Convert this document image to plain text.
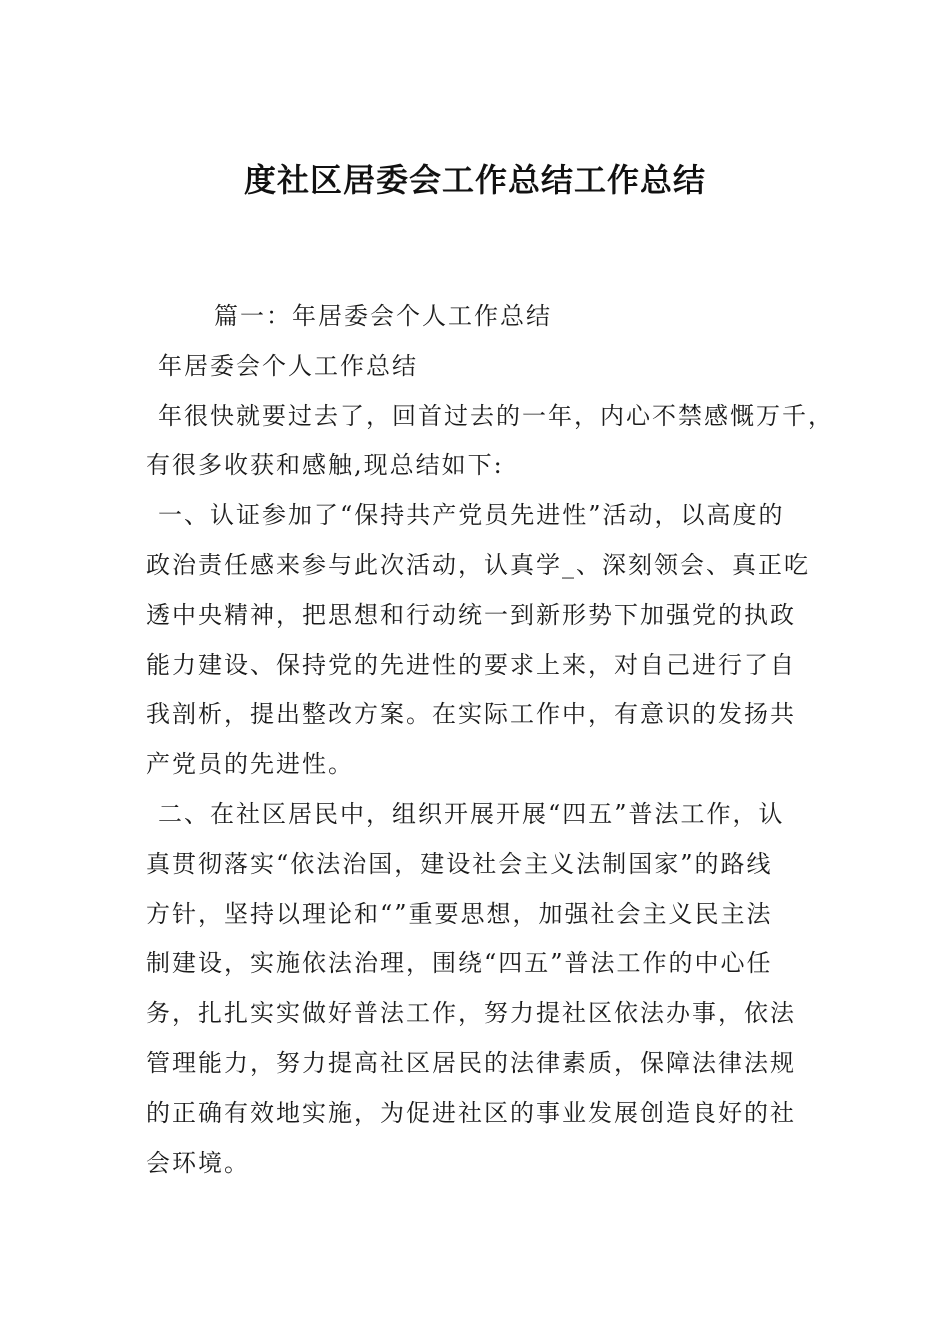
度社区居委会工作总结工作总结

篇一：年居委会个人工作总结

年居委会个人工作总结

年很快就要过去了，回首过去的一年，内心不禁感慨万千，
有很多收获和感触,现总结如下:

一、认证参加了“保持共产党员先进性”活动，以高度的
政治责任感来参与此次活动，认真学_、深刻领会、真正吃
透中央精神，把思想和行动统一到新形势下加强党的执政
能力建设、保持党的先进性的要求上来，对自己进行了自
我剖析，提出整改方案。在实际工作中，有意识的发扬共
产党员的先进性。

二、在社区居民中，组织开展开展“四五”普法工作，认
真贯彻落实“依法治国，建设社会主义法制国家”的路线
方针，坚持以理论和“”重要思想，加强社会主义民主法
制建设，实施依法治理，围绕“四五”普法工作的中心任
务，扎扎实实做好普法工作，努力提社区依法办事，依法
管理能力，努力提高社区居民的法律素质，保障法律法规
的正确有效地实施，为促进社区的事业发展创造良好的社
会环境。
